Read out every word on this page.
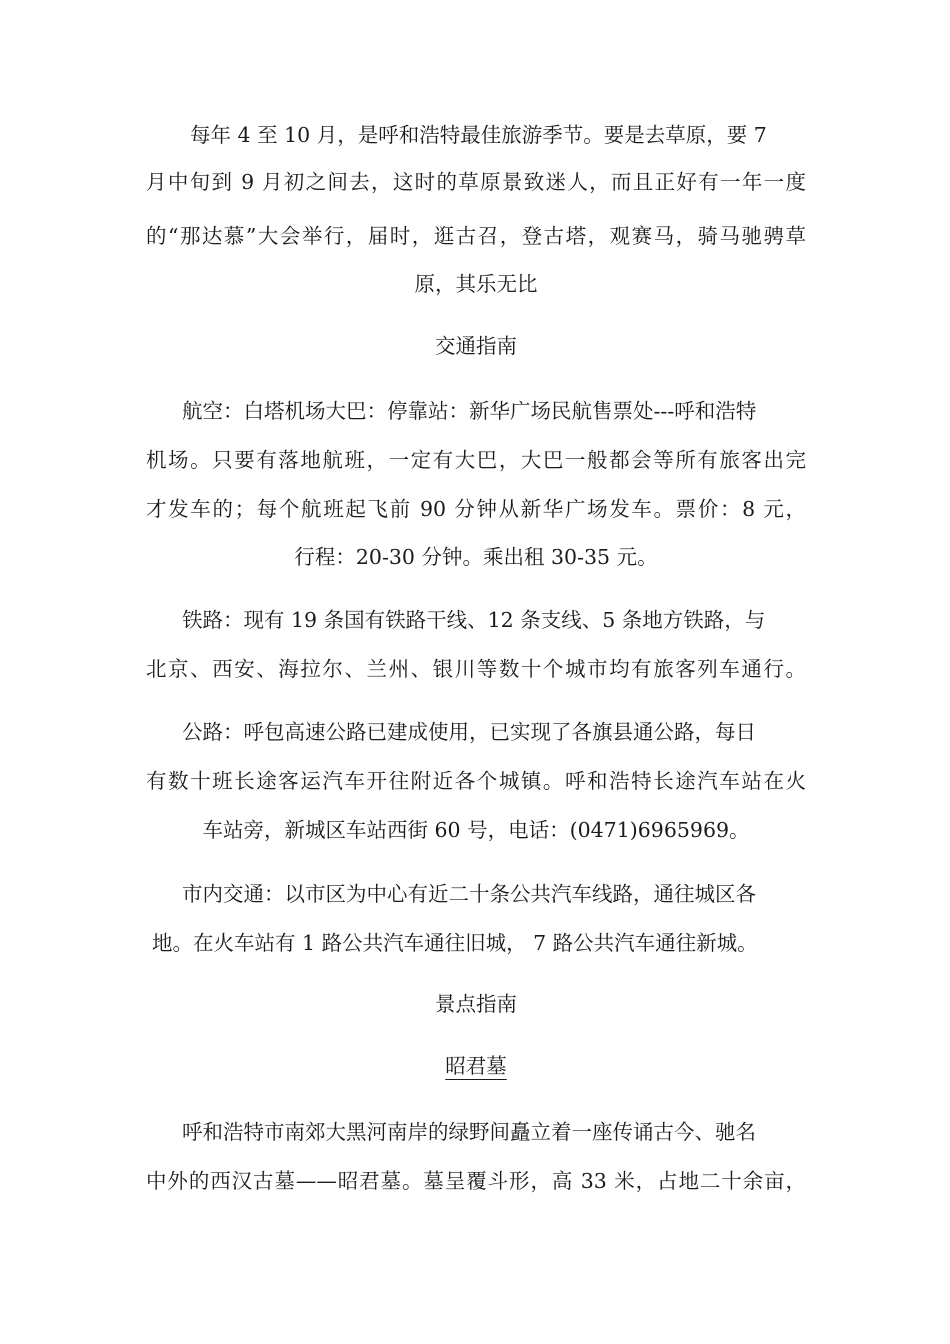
每年 4 至 10 月，是呼和浩特最佳旅游季节。要是去草原，要 7
月中旬到 9 月初之间去，这时的草原景致迷人，而且正好有一年一度
的“那达慕”大会举行，届时，逛古召，登古塔，观赛马，骑马驰骋草
原，其乐无比
交通指南
航空：白塔机场大巴：停靠站：新华广场民航售票处---呼和浩特
机场。只要有落地航班，一定有大巴，大巴一般都会等所有旅客出完
才发车的；每个航班起飞前 90 分钟从新华广场发车。票价：8 元，
行程：20-30 分钟。乘出租 30-35 元。
铁路：现有 19 条国有铁路干线、12 条支线、5 条地方铁路，与
北京、西安、海拉尔、兰州、银川等数十个城市均有旅客列车通行。
公路：呼包高速公路已建成使用，已实现了各旗县通公路，每日
有数十班长途客运汽车开往附近各个城镇。呼和浩特长途汽车站在火
车站旁，新城区车站西街 60 号，电话：(0471)6965969。
市内交通：以市区为中心有近二十条公共汽车线路，通往城区各
地。在火车站有 1 路公共汽车通往旧城， 7 路公共汽车通往新城。
景点指南
昭君墓
呼和浩特市南郊大黑河南岸的绿野间矗立着一座传诵古今、驰名
中外的西汉古墓——昭君墓。墓呈覆斗形，高 33 米，占地二十余亩，
